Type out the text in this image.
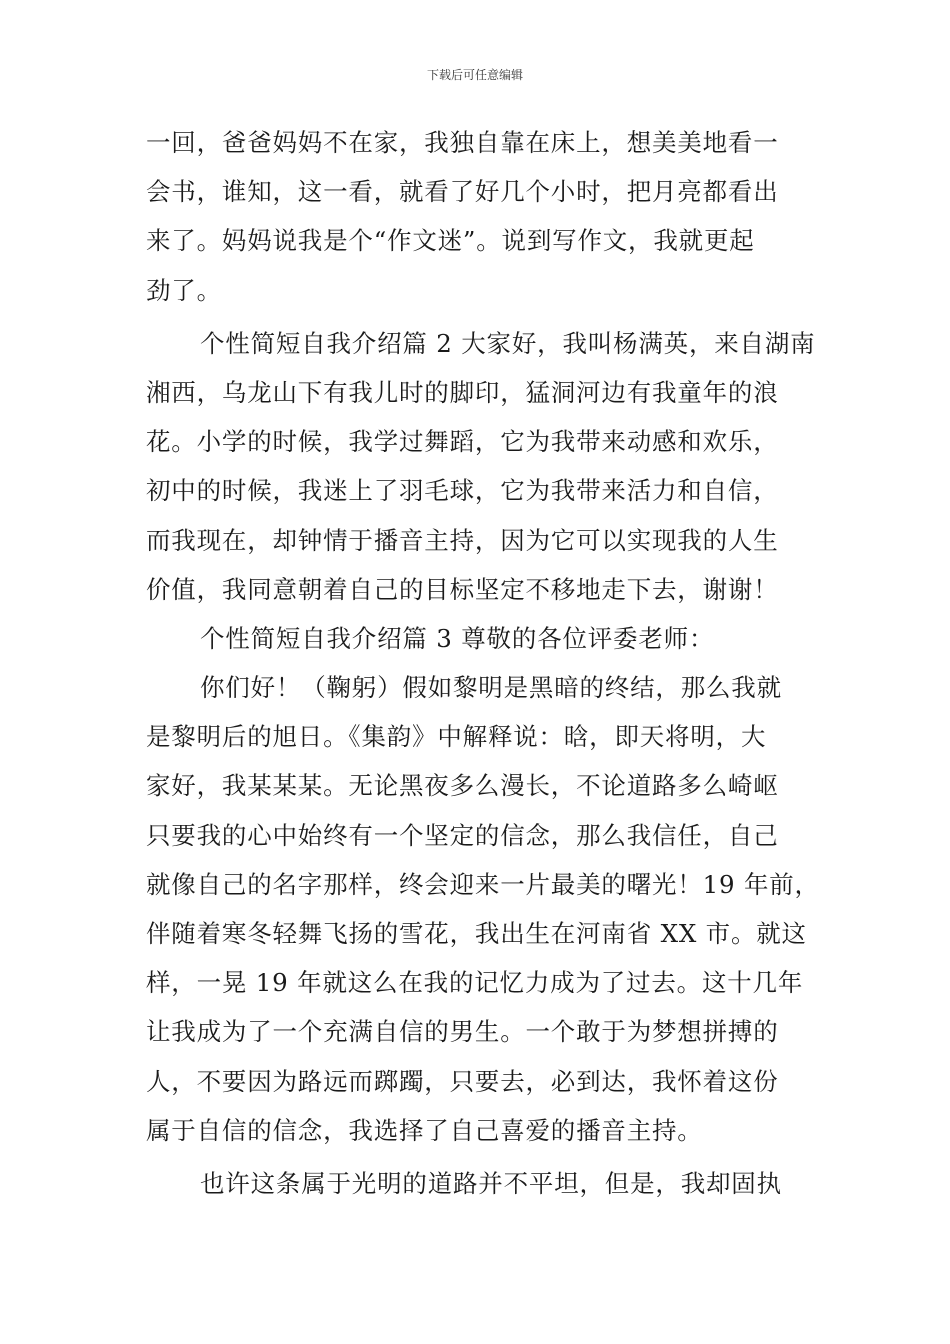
下载后可任意编辑
一回，爸爸妈妈不在家，我独自靠在床上，想美美地看一
会书，谁知，这一看，就看了好几个小时，把月亮都看出
来了。妈妈说我是个“作文迷”。说到写作文，我就更起
劲了。
个性简短自我介绍篇 2 大家好，我叫杨满英，来自湖南
湘西，乌龙山下有我儿时的脚印，猛洞河边有我童年的浪
花。小学的时候，我学过舞蹈，它为我带来动感和欢乐，
初中的时候，我迷上了羽毛球，它为我带来活力和自信，
而我现在，却钟情于播音主持，因为它可以实现我的人生
价值，我同意朝着自己的目标坚定不移地走下去，谢谢！
个性简短自我介绍篇 3 尊敬的各位评委老师：
你们好！（鞠躬）假如黎明是黑暗的终结，那么我就
是黎明后的旭日。《集韵》中解释说：晗，即天将明，大
家好，我某某某。无论黑夜多么漫长，不论道路多么崎岖
只要我的心中始终有一个坚定的信念，那么我信任，自己
就像自己的名字那样，终会迎来一片最美的曙光！19 年前，
伴随着寒冬轻舞飞扬的雪花，我出生在河南省 XX 市。就这
样，一晃 19 年就这么在我的记忆力成为了过去。这十几年
让我成为了一个充满自信的男生。一个敢于为梦想拼搏的
人，不要因为路远而踯躅，只要去，必到达，我怀着这份
属于自信的信念，我选择了自己喜爱的播音主持。
也许这条属于光明的道路并不平坦，但是，我却固执
